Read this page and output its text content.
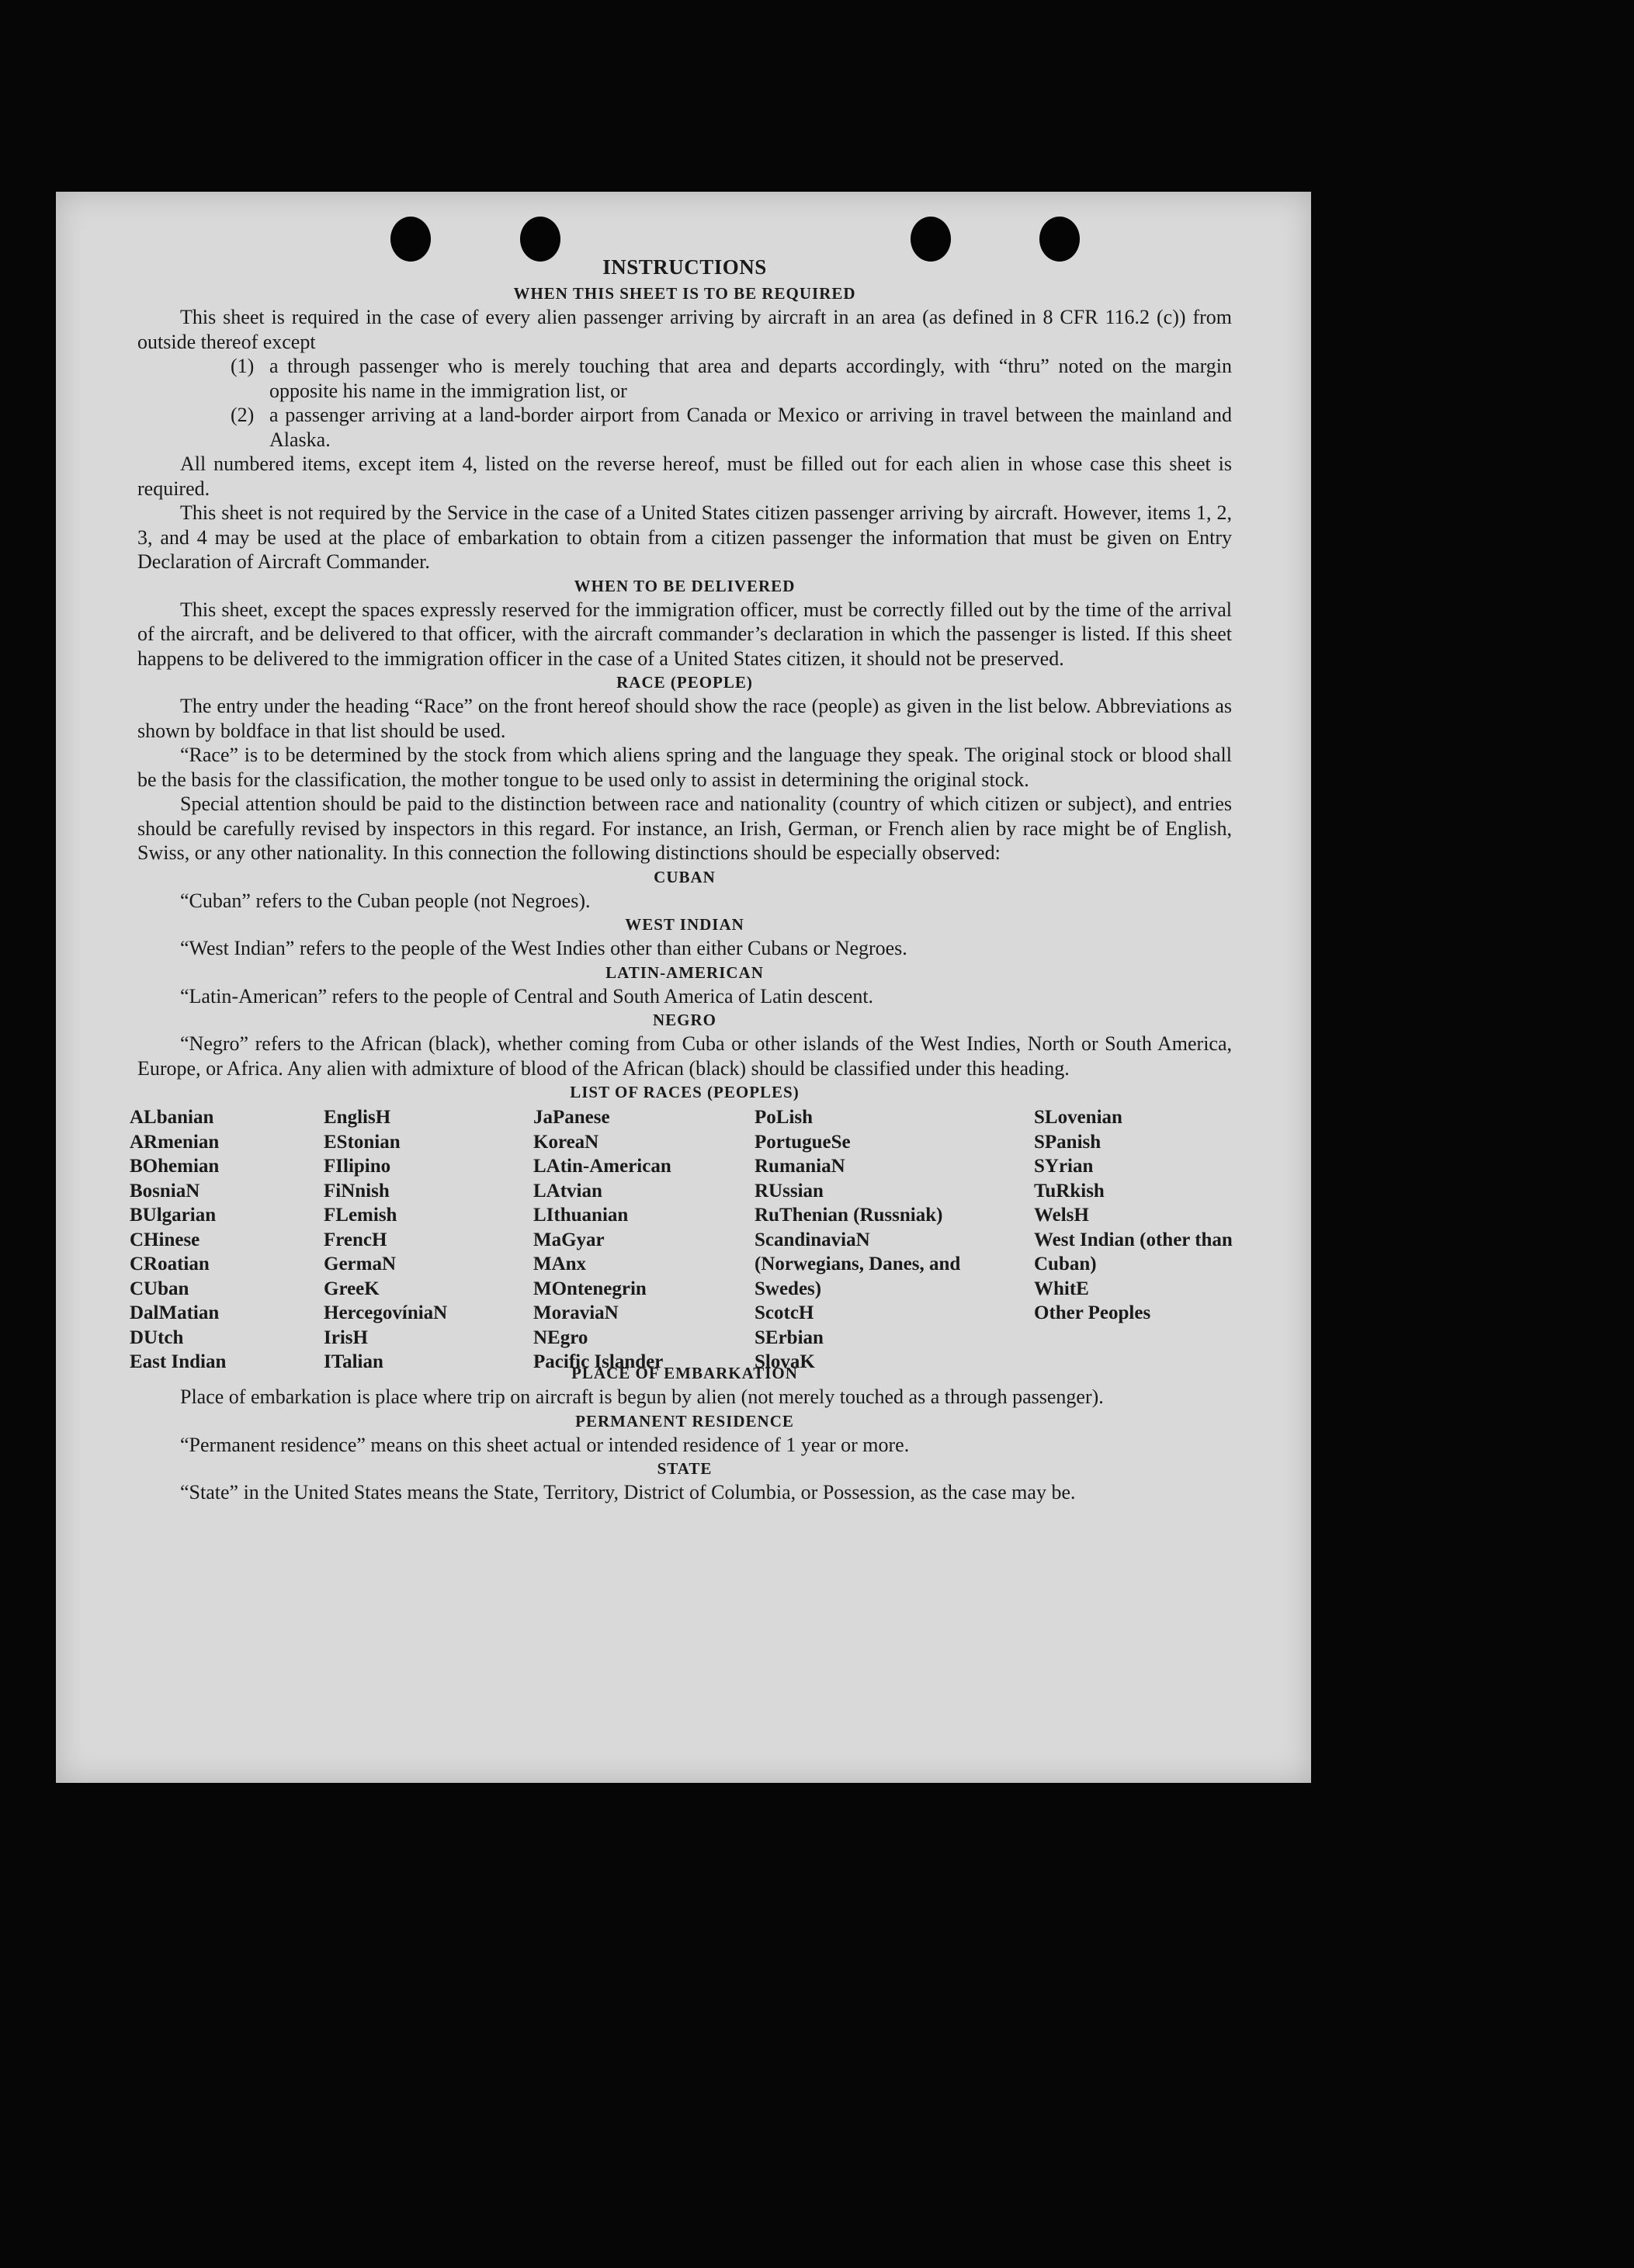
INSTRUCTIONS
WHEN THIS SHEET IS TO BE REQUIRED

This sheet is required in the case of every alien passenger arriving by aircraft in an area (as defined in 8 CFR 116.2 (c)) from outside thereof except

(1) a through passenger who is merely touching that area and departs accordingly, with “thru” noted on the margin opposite his name in the immigration list, or
(2) a passenger arriving at a land-border airport from Canada or Mexico or arriving in travel between the mainland and Alaska.

All numbered items, except item 4, listed on the reverse hereof, must be filled out for each alien in whose case this sheet is required.

This sheet is not required by the Service in the case of a United States citizen passenger arriving by aircraft. However, items 1, 2, 3, and 4 may be used at the place of embarkation to obtain from a citizen passenger the information that must be given on Entry Declaration of Aircraft Commander.

WHEN TO BE DELIVERED

This sheet, except the spaces expressly reserved for the immigration officer, must be correctly filled out by the time of the arrival of the aircraft, and be delivered to that officer, with the aircraft commander’s declaration in which the passenger is listed. If this sheet happens to be delivered to the immigration officer in the case of a United States citizen, it should not be preserved.

RACE (PEOPLE)

The entry under the heading “Race” on the front hereof should show the race (people) as given in the list below. Abbreviations as shown by boldface in that list should be used.

“Race” is to be determined by the stock from which aliens spring and the language they speak. The original stock or blood shall be the basis for the classification, the mother tongue to be used only to assist in determining the original stock.

Special attention should be paid to the distinction between race and nationality (country of which citizen or subject), and entries should be carefully revised by inspectors in this regard. For instance, an Irish, German, or French alien by race might be of English, Swiss, or any other nationality. In this connection the following distinctions should be especially observed:

CUBAN

“Cuban” refers to the Cuban people (not Negroes).

WEST INDIAN

“West Indian” refers to the people of the West Indies other than either Cubans or Negroes.

LATIN-AMERICAN

“Latin-American” refers to the people of Central and South America of Latin descent.

NEGRO

“Negro” refers to the African (black), whether coming from Cuba or other islands of the West Indies, North or South America, Europe, or Africa. Any alien with admixture of blood of the African (black) should be classified under this heading.

LIST OF RACES (PEOPLES)
ALbanian
ARmenian
BOhemian
BosniaN
BUlgarian
CHinese
CRoatian
CUban
DalMatian
DUtch
East Indian
EnglisH
EStonian
FIlipino
FiNnish
FLemish
FrencH
GermaN
GreeK
HercegovíniaN
IrisH
ITalian
JaPanese
KoreaN
LAtin-American
LAtvian
LIthuanian
MaGyar
MAnx
MOntenegrin
MoraviaN
NEgro
Pacific Islander
PoLish
PortugueSe
RumaniaN
RUssian
RuThenian (Russniak)
ScandinaviaN (Norwegians, Danes, and Swedes)
ScotcH
SErbian
SlovaK
SLovenian
SPanish
SYrian
TuRkish
WelsH
West Indian (other than Cuban)
WhitE
Other Peoples
PLACE OF EMBARKATION

Place of embarkation is place where trip on aircraft is begun by alien (not merely touched as a through passenger).

PERMANENT RESIDENCE

“Permanent residence” means on this sheet actual or intended residence of 1 year or more.

STATE

“State” in the United States means the State, Territory, District of Columbia, or Possession, as the case may be.
